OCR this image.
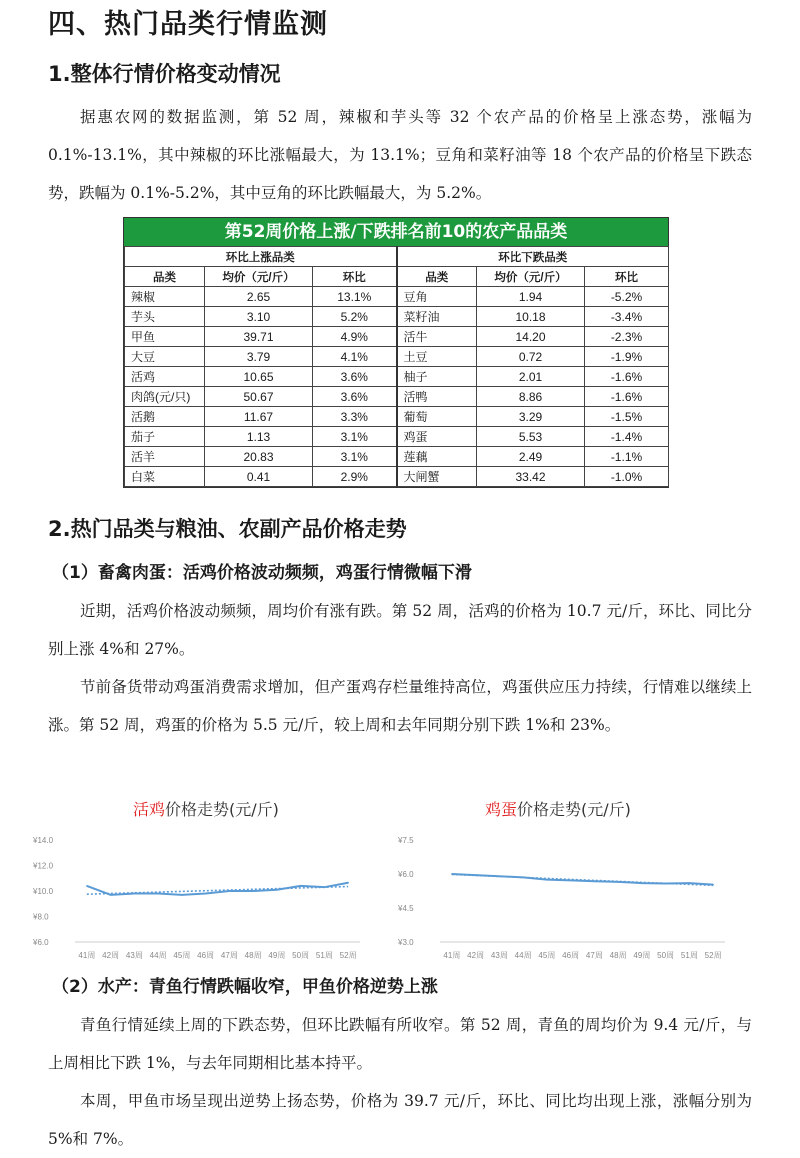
四、热门品类行情监测
1.整体行情价格变动情况

据惠农网的数据监测，第 52 周，辣椒和芋头等 32 个农产品的价格呈上涨态势，涨幅为 0.1%-13.1%，其中辣椒的环比涨幅最大，为 13.1%；豆角和菜籽油等 18 个农产品的价格呈下跌态势，跌幅为 0.1%-5.2%，其中豆角的环比跌幅最大，为 5.2%。

第52周价格上涨/下跌排名前10的农产品品类
环比上涨品类			环比下跌品类		
品类	均价（元/斤）	环比	品类	均价（元/斤）	环比
辣椒	2.65	13.1%	豆角	1.94	-5.2%
芋头	3.10	5.2%	菜籽油	10.18	-3.4%
甲鱼	39.71	4.9%	活牛	14.20	-2.3%
大豆	3.79	4.1%	土豆	0.72	-1.9%
活鸡	10.65	3.6%	柚子	2.01	-1.6%
肉鸽(元/只)	50.67	3.6%	活鸭	8.86	-1.6%
活鹅	11.67	3.3%	葡萄	3.29	-1.5%
茄子	1.13	3.1%	鸡蛋	5.53	-1.4%
活羊	20.83	3.1%	莲藕	2.49	-1.1%
白菜	0.41	2.9%	大闸蟹	33.42	-1.0%
2.热门品类与粮油、农副产品价格走势
（1）畜禽肉蛋：活鸡价格波动频频，鸡蛋行情微幅下滑

近期，活鸡价格波动频频，周均价有涨有跌。第 52 周，活鸡的价格为 10.7 元/斤，环比、同比分别上涨 4%和 27%。

节前备货带动鸡蛋消费需求增加，但产蛋鸡存栏量维持高位，鸡蛋供应压力持续，行情难以继续上涨。第 52 周，鸡蛋的价格为 5.5 元/斤，较上周和去年同期分别下跌 1%和 23%。

活鸡价格走势(元/斤)
¥6.0
¥8.0
¥10.0
¥12.0
¥14.0
41周 42周 43周 44周 45周 46周 47周 48周 49周 50周 51周 52周
鸡蛋价格走势(元/斤)
¥3.0
¥4.5
¥6.0
¥7.5
41周 42周 43周 44周 45周 46周 47周 48周 49周 50周 51周 52周
（2）水产：青鱼行情跌幅收窄，甲鱼价格逆势上涨

青鱼行情延续上周的下跌态势，但环比跌幅有所收窄。第 52 周，青鱼的周均价为 9.4 元/斤，与上周相比下跌 1%，与去年同期相比基本持平。

本周，甲鱼市场呈现出逆势上扬态势，价格为 39.7 元/斤，环比、同比均出现上涨，涨幅分别为 5%和 7%。
